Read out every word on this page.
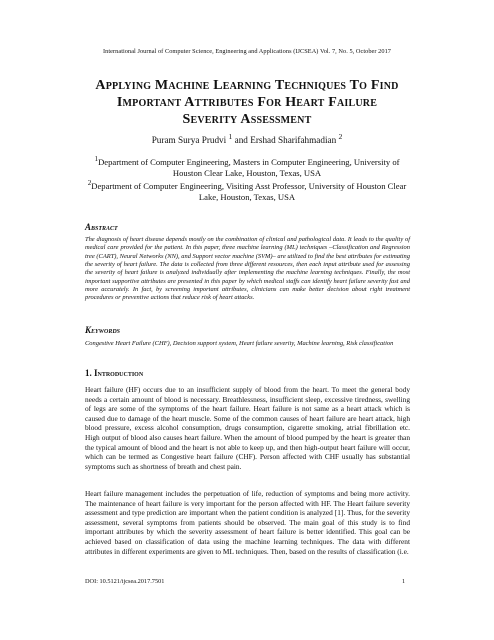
International Journal of Computer Science, Engineering and Applications (IJCSEA) Vol. 7, No. 5, October 2017
Applying Machine Learning Techniques To Find
Important Attributes For Heart Failure
Severity Assessment
Puram Surya Prudvi $^1$ and Ershad Sharifahmadian $^2$
$^1$Department of Computer Engineering, Masters in Computer Engineering, University of Houston Clear Lake, Houston, Texas, USA
$^2$Department of Computer Engineering, Visiting Asst Professor, University of Houston Clear Lake, Houston, Texas, USA
Abstract
The diagnosis of heart disease depends mostly on the combination of clinical and pathological data. It leads to the quality of medical care provided for the patient. In this paper, three machine learning (ML) techniques –Classification and Regression tree (CART), Neural Networks (NN), and Support vector machine (SVM)– are utilized to find the best attributes for estimating the severity of heart failure. The data is collected from three different resources, then each input attribute used for assessing the severity of heart failure is analyzed individually after implementing the machine learning techniques. Finally, the most important supportive attributes are presented in this paper by which medical staffs can identify heart failure severity fast and more accurately. In fact, by screening important attributes, clinicians can make better decision about right treatment procedures or preventive actions that reduce risk of heart attacks.
Keywords
Congestive Heart Failure (CHF), Decision support system, Heart failure severity, Machine learning, Risk classification
1. Introduction
Heart failure (HF) occurs due to an insufficient supply of blood from the heart. To meet the general body needs a certain amount of blood is necessary. Breathlessness, insufficient sleep, excessive tiredness, swelling of legs are some of the symptoms of the heart failure. Heart failure is not same as a heart attack which is caused due to damage of the heart muscle. Some of the common causes of heart failure are heart attack, high blood pressure, excess alcohol consumption, drugs consumption, cigarette smoking, atrial fibrillation etc. High output of blood also causes heart failure. When the amount of blood pumped by the heart is greater than the typical amount of blood and the heart is not able to keep up, and then high-output heart failure will occur, which can be termed as Congestive heart failure (CHF). Person affected with CHF usually has substantial symptoms such as shortness of breath and chest pain.
Heart failure management includes the perpetuation of life, reduction of symptoms and being more activity. The maintenance of heart failure is very important for the person affected with HF. The Heart failure severity assessment and type prediction are important when the patient condition is analyzed [1]. Thus, for the severity assessment, several symptoms from patients should be observed. The main goal of this study is to find important attributes by which the severity assessment of heart failure is better identified. This goal can be achieved based on classification of data using the machine learning techniques. The data with different attributes in different experiments are given to ML techniques. Then, based on the results of classification (i.e.
DOI: 10.5121/ijcsea.2017.7501	1
